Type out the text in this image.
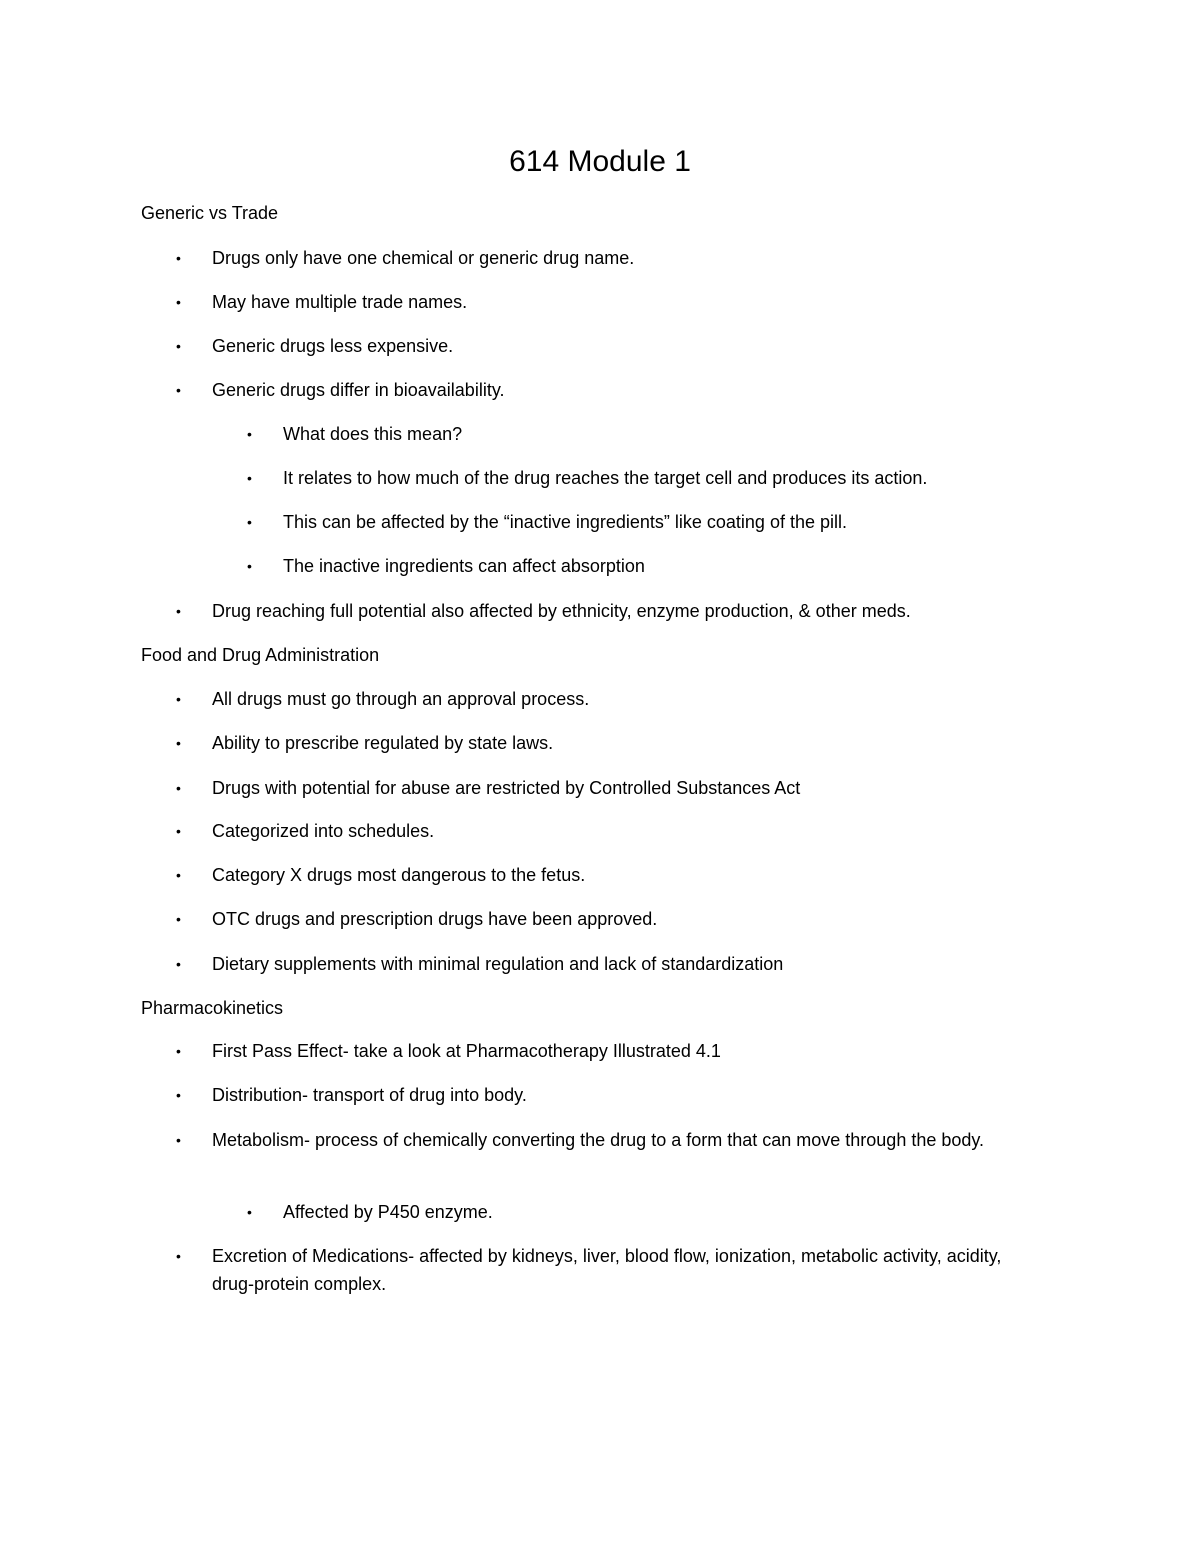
614 Module 1
Generic vs Trade
• Drugs only have one chemical or generic drug name.
• May have multiple trade names.
• Generic drugs less expensive.
• Generic drugs differ in bioavailability.
• What does this mean?
• It relates to how much of the drug reaches the target cell and produces its action.
• This can be affected by the “inactive ingredients” like coating of the pill.
• The inactive ingredients can affect absorption
• Drug reaching full potential also affected by ethnicity, enzyme production, & other meds.
Food and Drug Administration
• All drugs must go through an approval process.
• Ability to prescribe regulated by state laws.
• Drugs with potential for abuse are restricted by Controlled Substances Act
• Categorized into schedules.
• Category X drugs most dangerous to the fetus.
• OTC drugs and prescription drugs have been approved.
• Dietary supplements with minimal regulation and lack of standardization
Pharmacokinetics
• First Pass Effect- take a look at Pharmacotherapy Illustrated 4.1
• Distribution- transport of drug into body.
• Metabolism- process of chemically converting the drug to a form that can move through the body.
• Affected by P450 enzyme.
• Excretion of Medications- affected by kidneys, liver, blood flow, ionization, metabolic activity, acidity, drug-protein complex.
